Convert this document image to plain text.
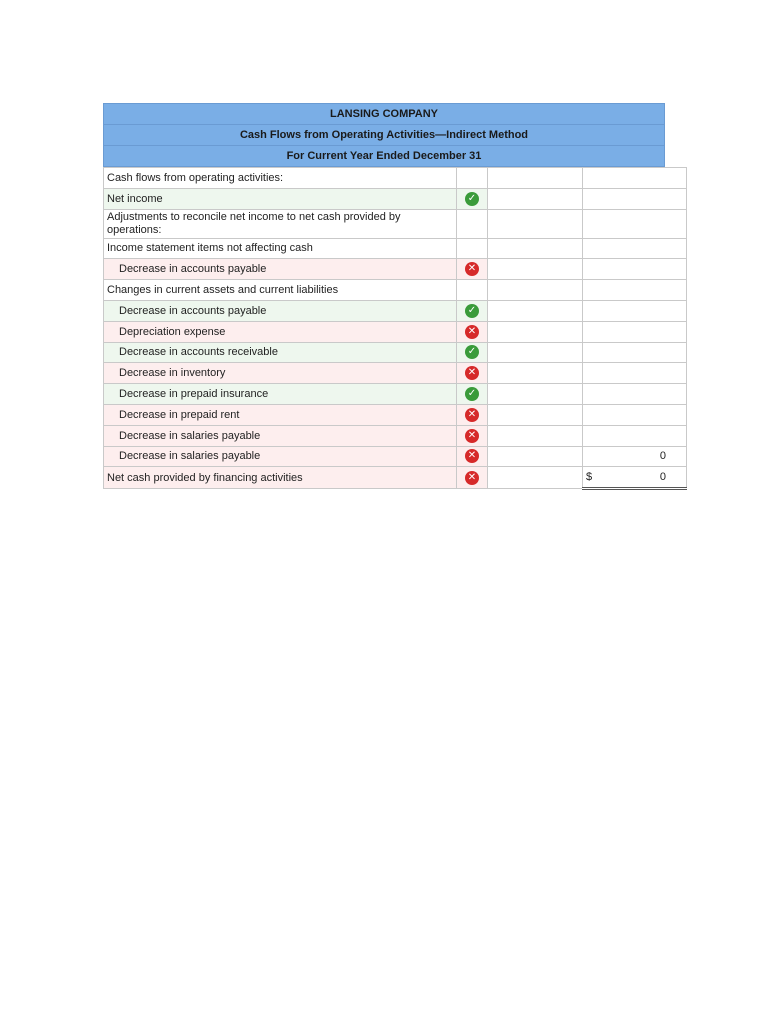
LANSING COMPANY
Cash Flows from Operating Activities—Indirect Method
For Current Year Ended December 31
Cash flows from operating activities:			
Net income	✓		
Adjustments to reconcile net income to net cash provided by operations:			
Income statement items not affecting cash			
Decrease in accounts payable	✕		
Changes in current assets and current liabilities			
Decrease in accounts payable	✓		
Depreciation expense	✕		
Decrease in accounts receivable	✓		
Decrease in inventory	✕		
Decrease in prepaid insurance	✓		
Decrease in prepaid rent	✕		
Decrease in salaries payable	✕		
Decrease in salaries payable	✕		0
Net cash provided by financing activities	✕		$ 0
